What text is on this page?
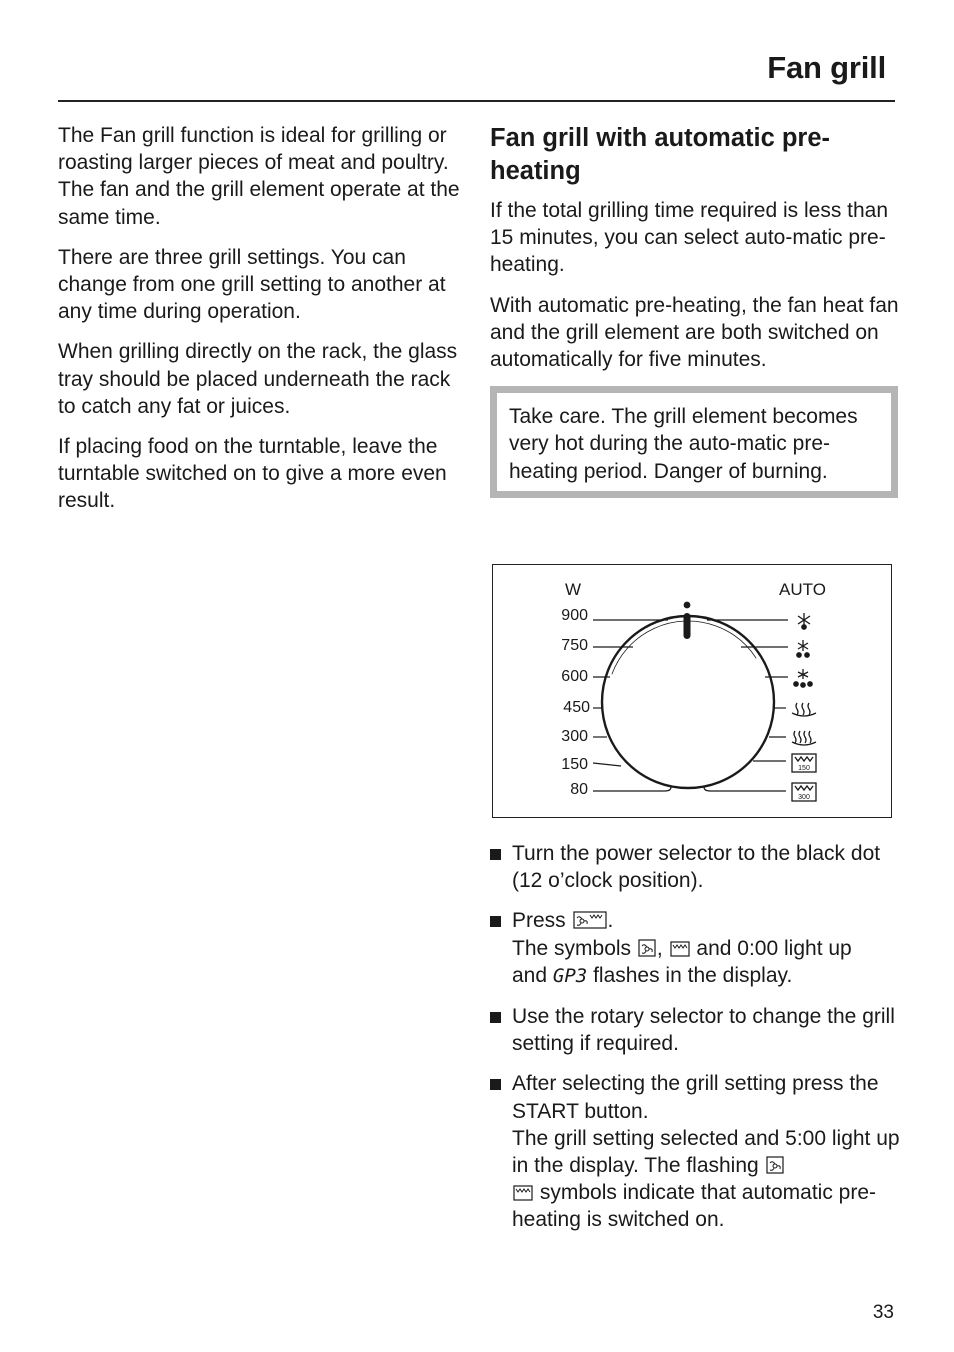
Fan grill

The Fan grill function is ideal for grilling or roasting larger pieces of meat and poultry. The fan and the grill element operate at the same time.

There are three grill settings. You can change from one grill setting to another at any time during operation.

When grilling directly on the rack, the glass tray should be placed underneath the rack to catch any fat or juices.

If placing food on the turntable, leave the turntable switched on to give a more even result.

Fan grill with automatic pre-heating

If the total grilling time required is less than 15 minutes, you can select auto-matic pre-heating.

With automatic pre-heating, the fan heat fan and the grill element are both switched on automatically for five minutes.

Take care. The grill element becomes very hot during the auto-matic pre-heating period. Danger of burning.
W	AUTO
900
750
600
450
300
150
80
150
300
Turn the power selector to the black dot (12 o’clock position).
Press .
The symbols , and 0:00 light up
and GP3 flashes in the display.
Use the rotary selector to change the grill setting if required.
After selecting the grill setting press the START button.
The grill setting selected and 5:00 light up in the display. The flashing
symbols indicate that automatic pre-heating is switched on.
33
